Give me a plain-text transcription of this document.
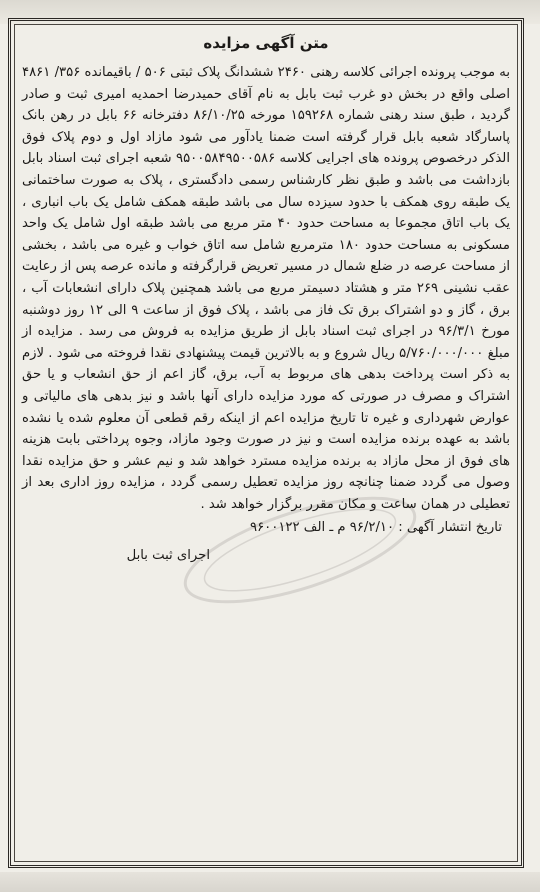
متن آگهی مزایده

به موجب پرونده اجرائی کلاسه رهنی ۲۴۶۰ ششدانگ پلاک ثبتی ۵۰۶ / باقیمانده ۳۵۶/ ۴۸۶۱ اصلی واقع در بخش دو غرب ثبت بابل به نام آقای حمیدرضا احمدیه امیری ثبت و صادر گردید ، طبق سند رهنی شماره ۱۵۹۲۶۸ مورخه ۸۶/۱۰/۲۵ دفترخانه ۶۶ بابل در رهن بانک پاسارگاد شعبه بابل قرار گرفته است ضمنا یادآور می شود مازاد اول و دوم پلاک فوق الذکر درخصوص پرونده های اجرایی کلاسه ۹۵۰۰۵۸۴۹۵۰۰۵۸۶ شعبه اجرای ثبت اسناد بابل بازداشت می باشد و طبق نظر کارشناس رسمی دادگستری ، پلاک به صورت ساختمانی یک طبقه روی همکف با حدود سیزده سال می باشد طبقه همکف شامل یک باب انباری ، یک باب اتاق مجموعا به مساحت حدود ۴۰ متر مربع می باشد طبقه اول شامل یک واحد مسکونی به مساحت حدود ۱۸۰ مترمربع شامل سه اتاق خواب و غیره می باشد ، بخشی از مساحت عرصه در ضلع شمال در مسیر تعریض قرارگرفته و مانده عرصه پس از رعایت عقب نشینی ۲۶۹ متر و هشتاد دسیمتر مربع می باشد همچنین پلاک دارای انشعابات آب ، برق ، گاز و دو اشتراک برق تک فاز می باشد ، پلاک فوق از ساعت ۹ الی ۱۲ روز دوشنبه مورخ ۹۶/۳/۱ در اجرای ثبت اسناد بابل از طریق مزایده به فروش می رسد . مزایده از مبلغ ۵/۷۶۰/۰۰۰/۰۰۰ ریال شروع و به بالاترین قیمت پیشنهادی نقدا فروخته می شود . لازم به ذکر است پرداخت بدهی های مربوط به آب، برق، گاز اعم از حق انشعاب و یا حق اشتراک و مصرف در صورتی که مورد مزایده دارای آنها باشد و نیز بدهی های مالیاتی و عوارض شهرداری و غیره تا تاریخ مزایده اعم از اینکه رقم قطعی آن معلوم شده یا نشده باشد به عهده برنده مزایده است و نیز در صورت وجود مازاد، وجوه پرداختی بابت هزینه های فوق از محل مازاد به برنده مزایده مسترد خواهد شد و نیم عشر و حق مزایده نقدا وصول می گردد ضمنا چنانچه روز مزایده تعطیل رسمی گردد ، مزایده روز اداری بعد از تعطیلی در همان ساعت و مکان مقرر برگزار خواهد شد .

تاریخ انتشار آگهی : ۹۶/۲/۱۰ م ـ الف ۹۶۰۰۱۲۲
اجرای ثبت بابل
